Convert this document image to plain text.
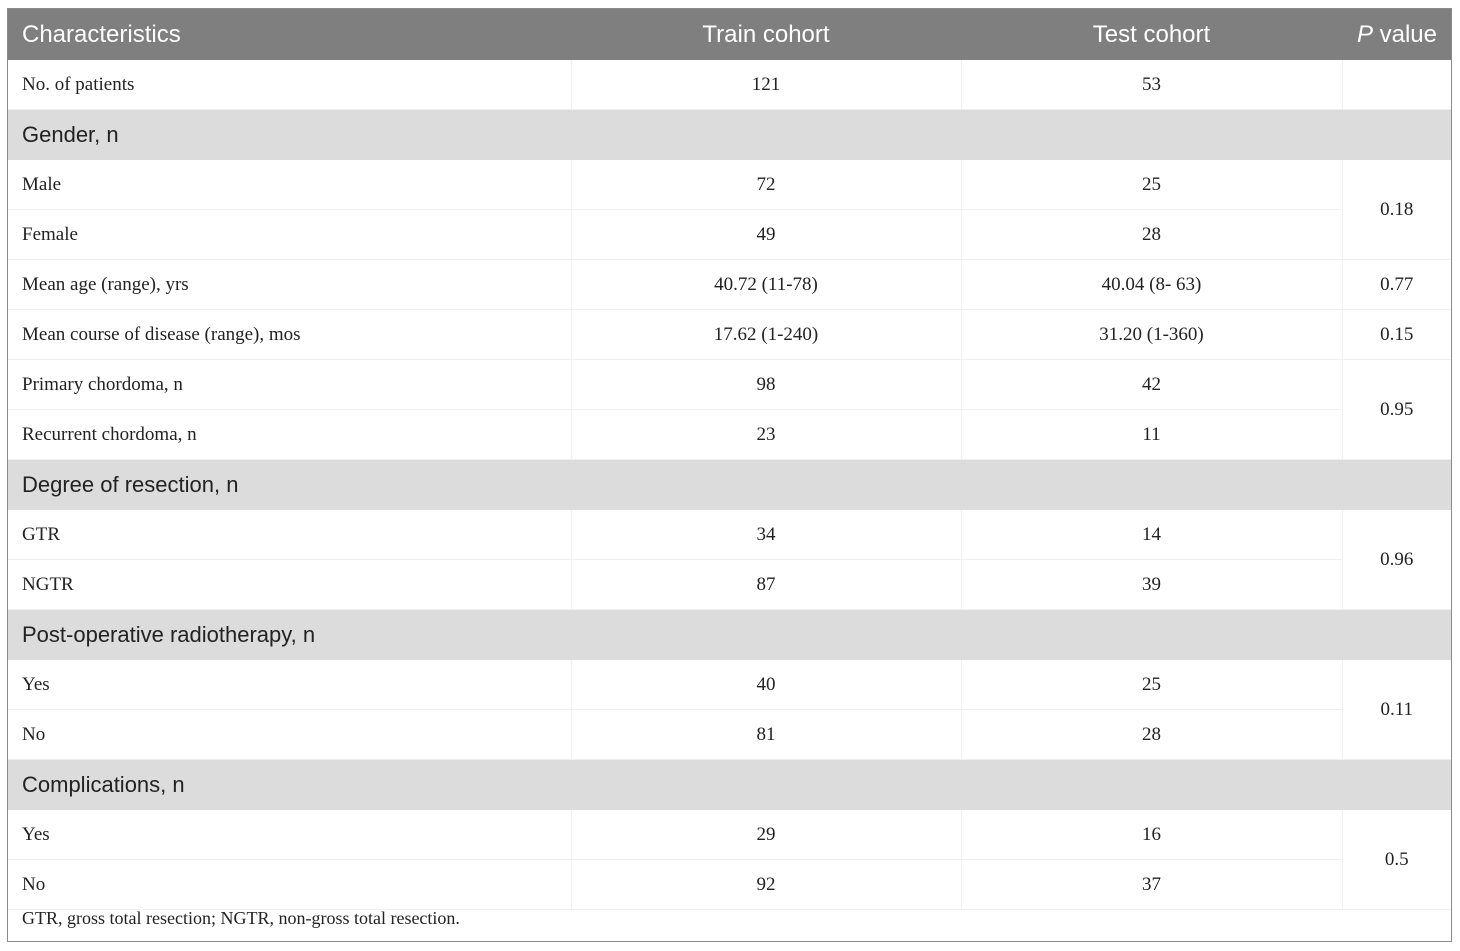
Characteristics	Train cohort	Test cohort	P value
No. of patients	121	53	
Gender, n			
Male	72	25	0.18
Female	49	28	
Mean age (range), yrs	40.72 (11-78)	40.04 (8- 63)	0.77
Mean course of disease (range), mos	17.62 (1-240)	31.20 (1-360)	0.15
Primary chordoma, n	98	42	0.95
Recurrent chordoma, n	23	11	
Degree of resection, n			
GTR	34	14	0.96
NGTR	87	39	
Post-operative radiotherapy, n			
Yes	40	25	0.11
No	81	28	
Complications, n			
Yes	29	16	0.5
No	92	37	
GTR, gross total resection; NGTR, non-gross total resection.
